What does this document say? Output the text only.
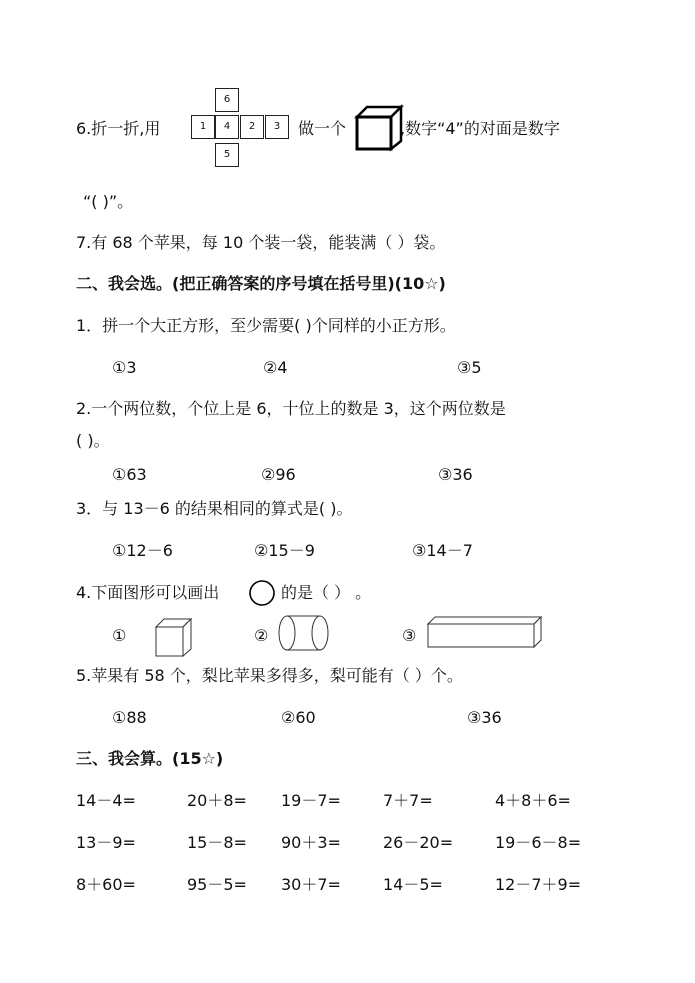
6.折一折,用
6
1	4	2	3
5
做一个	,数字“4”的对面是数字
“( )”。
7.有 68 个苹果，每 10 个装一袋，能装满（ ）袋。
二、我会选。(把正确答案的序号填在括号里)(10☆)
1．拼一个大正方形，至少需要( )个同样的小正方形。
①3	②4	③5
2.一个两位数，个位上是 6，十位上的数是 3，这个两位数是
( )。
①63	②96	③36
3．与 13－6 的结果相同的算式是( )。
①12－6	②15－9	③14－7
4.下面图形可以画出	的是（ ） 。
①	②	③
5.苹果有 58 个，梨比苹果多得多，梨可能有（ ）个。
①88	②60	③36
三、我会算。(15☆)
14－4=	20＋8= 19－7=	7＋7=	4＋8＋6=
13－9=	15－8= 90＋3=	26－20=	19－6－8=
8＋60=	95－5= 30＋7=	14－5=	12－7＋9=
